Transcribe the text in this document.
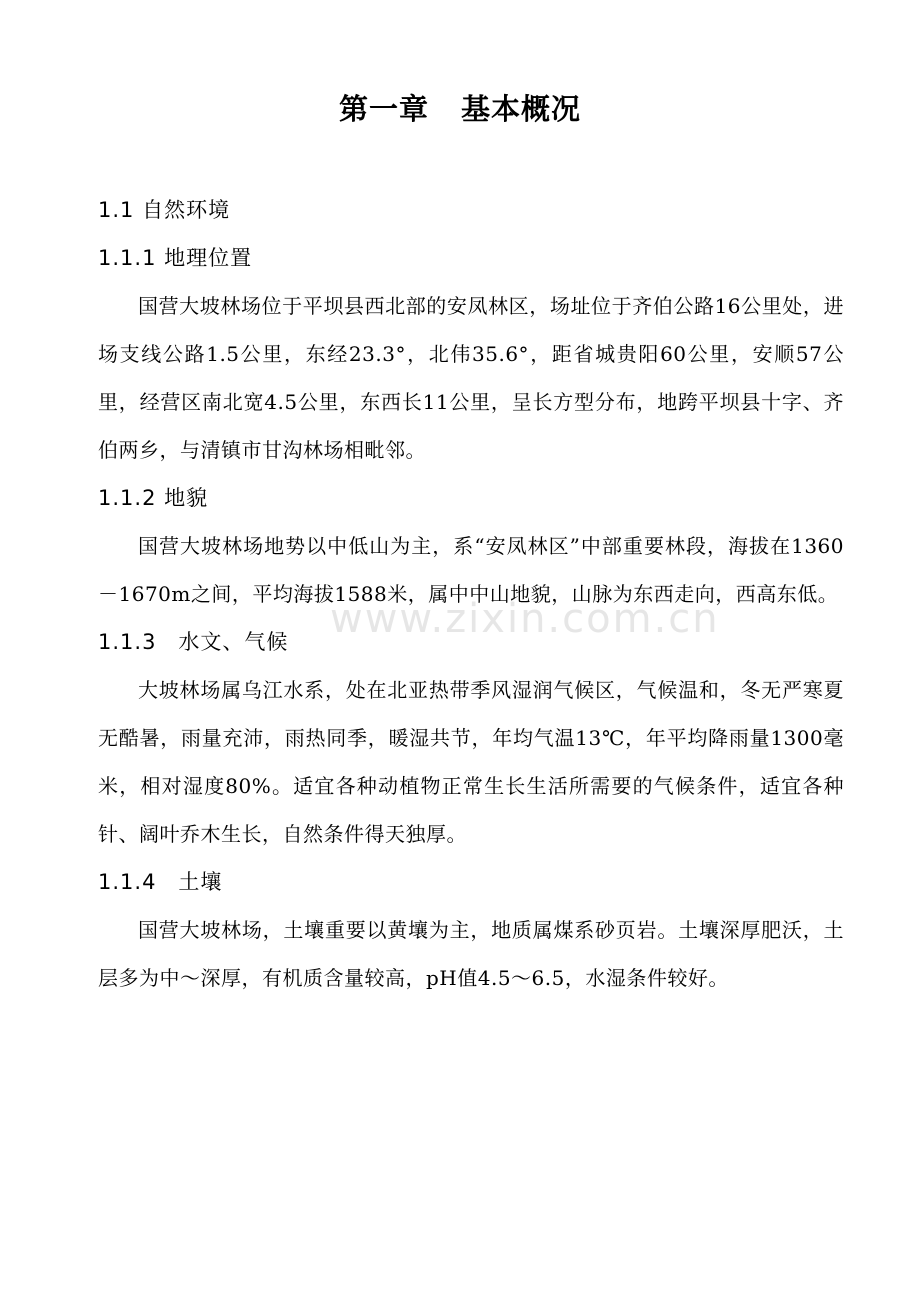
www.zixin.com.cn
第一章 基本概况
1.1 自然环境
1.1.1 地理位置

国营大坡林场位于平坝县西北部的安凤林区，场址位于齐伯公路16公里处，进场支线公路1.5公里，东经23.3°，北伟35.6°，距省城贵阳60公里，安顺57公里，经营区南北宽4.5公里，东西长11公里，呈长方型分布，地跨平坝县十字、齐伯两乡，与清镇市甘沟林场相毗邻。

1.1.2 地貌

国营大坡林场地势以中低山为主，系“安凤林区”中部重要林段，海拔在1360－1670m之间，平均海拔1588米，属中中山地貌，山脉为东西走向，西高东低。

1.1.3　水文、气候

大坡林场属乌江水系，处在北亚热带季风湿润气候区，气候温和，冬无严寒夏无酷暑，雨量充沛，雨热同季，暖湿共节，年均气温13℃，年平均降雨量1300毫米，相对湿度80%。适宜各种动植物正常生长生活所需要的气候条件，适宜各种针、阔叶乔木生长，自然条件得天独厚。

1.1.4　土壤

国营大坡林场，土壤重要以黄壤为主，地质属煤系砂页岩。土壤深厚肥沃，土层多为中～深厚，有机质含量较高，pH值4.5～6.5，水湿条件较好。
